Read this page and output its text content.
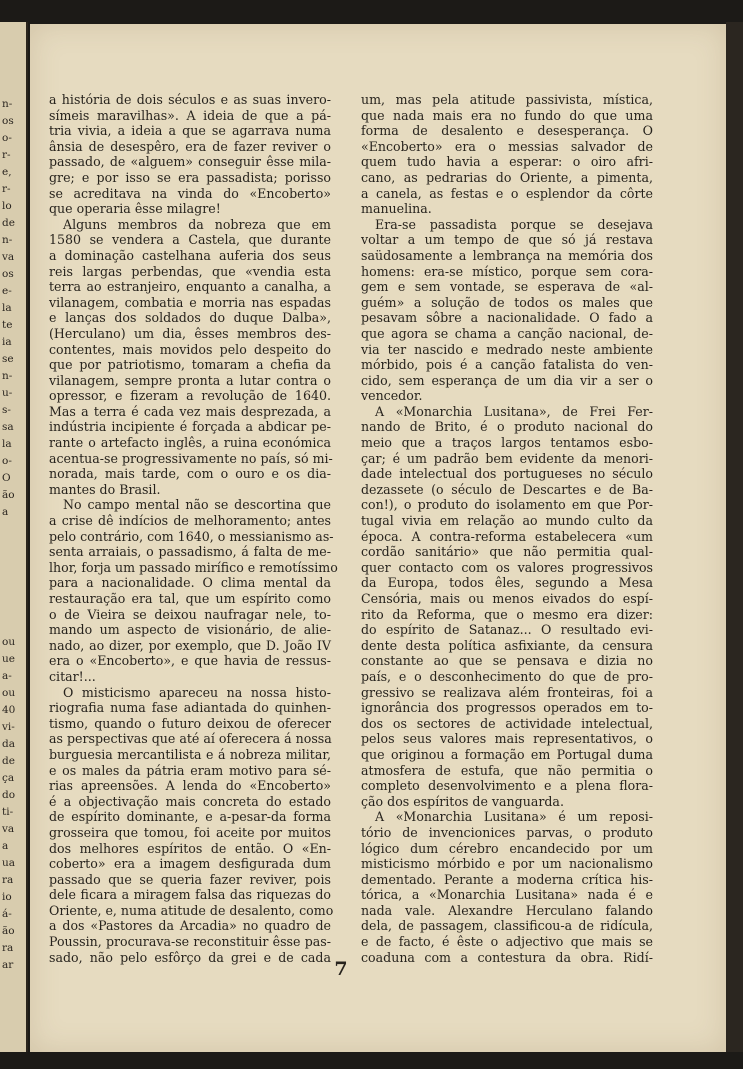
n-
os
o-
r-
e,
r-
lo
de
n-
va
os
e-
la
te
ia
se
n-
u-
s-
sa
la
o-
O
ão
a
ou
ue
a-
ou
40
vi-
da
de
ça
do
ti-
va
a
ua
ra
io
á-
ão
ra
ar
a história de dois séculos e as suas invero-
símeis maravilhas». A ideia de que a pá-
tria vivia, a ideia a que se agarrava numa
ânsia de desespêro, era de fazer reviver o
passado, de «alguem» conseguir êsse mila-
gre; e por isso se era passadista; porisso
se acreditava na vinda do «Encoberto»
que operaria êsse milagre!
Alguns membros da nobreza que em
1580 se vendera a Castela, que durante
a dominação castelhana auferia dos seus
reis largas perbendas, que «vendia esta
terra ao estranjeiro, enquanto a canalha, a
vilanagem, combatia e morria nas espadas
e lanças dos soldados do duque Dalba»,
(Herculano) um dia, êsses membros des-
contentes, mais movidos pelo despeito do
que por patriotismo, tomaram a chefia da
vilanagem, sempre pronta a lutar contra o
opressor, e fizeram a revolução de 1640.
Mas a terra é cada vez mais desprezada, a
indústria incipiente é forçada a abdicar pe-
rante o artefacto inglês, a ruina económica
acentua-se progressivamente no país, só mi-
norada, mais tarde, com o ouro e os dia-
mantes do Brasil.
No campo mental não se descortina que
a crise dê indícios de melhoramento; antes
pelo contrário, com 1640, o messianismo as-
senta arraiais, o passadismo, á falta de me-
lhor, forja um passado mirífico e remotíssimo
para a nacionalidade. O clima mental da
restauração era tal, que um espírito como
o de Vieira se deixou naufragar nele, to-
mando um aspecto de visionário, de alie-
nado, ao dizer, por exemplo, que D. João IV
era o «Encoberto», e que havia de ressus-
citar!...
O misticismo apareceu na nossa histo-
riografia numa fase adiantada do quinhen-
tismo, quando o futuro deixou de oferecer
as perspectivas que até aí oferecera á nossa
burguesia mercantilista e á nobreza militar,
e os males da pátria eram motivo para sé-
rias apreensões. A lenda do «Encoberto»
é a objectivação mais concreta do estado
de espírito dominante, e a-pesar-da forma
grosseira que tomou, foi aceite por muitos
dos melhores espíritos de então. O «En-
coberto» era a imagem desfigurada dum
passado que se queria fazer reviver, pois
dele ficara a miragem falsa das riquezas do
Oriente, e, numa atitude de desalento, como
a dos «Pastores da Arcadia» no quadro de
Poussin, procurava-se reconstituir êsse pas-
sado, não pelo esfôrço da grei e de cada
um, mas pela atitude passivista, mística,
que nada mais era no fundo do que uma
forma de desalento e desesperança. O
«Encoberto» era o messias salvador de
quem tudo havia a esperar: o oiro afri-
cano, as pedrarias do Oriente, a pimenta,
a canela, as festas e o esplendor da côrte
manuelina.
Era-se passadista porque se desejava
voltar a um tempo de que só já restava
saüdosamente a lembrança na memória dos
homens: era-se místico, porque sem cora-
gem e sem vontade, se esperava de «al-
guém» a solução de todos os males que
pesavam sôbre a nacionalidade. O fado a
que agora se chama a canção nacional, de-
via ter nascido e medrado neste ambiente
mórbido, pois é a canção fatalista do ven-
cido, sem esperança de um dia vir a ser o
vencedor.
A «Monarchia Lusitana», de Frei Fer-
nando de Brito, é o produto nacional do
meio que a traços largos tentamos esbo-
çar; é um padrão bem evidente da menori-
dade intelectual dos portugueses no século
dezassete (o século de Descartes e de Ba-
con!), o produto do isolamento em que Por-
tugal vivia em relação ao mundo culto da
época. A contra-reforma estabelecera «um
cordão sanitário» que não permitia qual-
quer contacto com os valores progressivos
da Europa, todos êles, segundo a Mesa
Censória, mais ou menos eivados do espí-
rito da Reforma, que o mesmo era dizer:
do espírito de Satanaz... O resultado evi-
dente desta política asfixiante, da censura
constante ao que se pensava e dizia no
país, e o desconhecimento do que de pro-
gressivo se realizava além fronteiras, foi a
ignorância dos progressos operados em to-
dos os sectores de actividade intelectual,
pelos seus valores mais representativos, o
que originou a formação em Portugal duma
atmosfera de estufa, que não permitia o
completo desenvolvimento e a plena flora-
ção dos espíritos de vanguarda.
A «Monarchia Lusitana» é um reposi-
tório de invencionices parvas, o produto
lógico dum cérebro encandecido por um
misticismo mórbido e por um nacionalismo
dementado. Perante a moderna crítica his-
tórica, a «Monarchia Lusitana» nada é e
nada vale. Alexandre Herculano falando
dela, de passagem, classificou-a de ridícula,
e de facto, é êste o adjectivo que mais se
coaduna com a contestura da obra. Ridí-
7
